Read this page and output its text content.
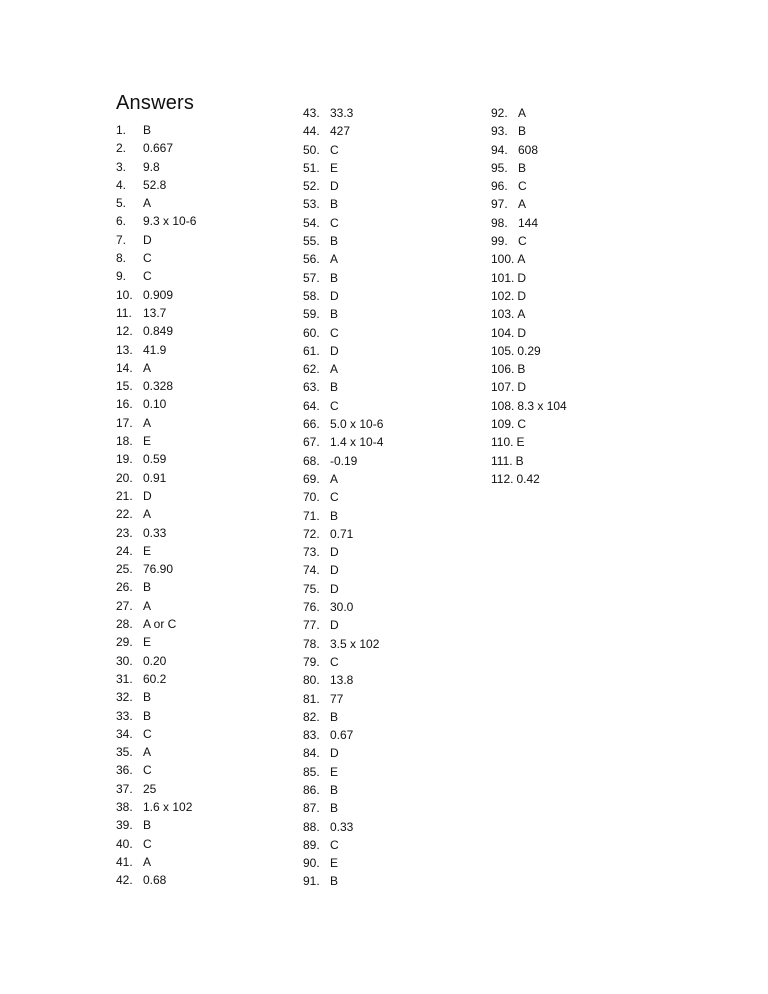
Answers
1. B
2. 0.667
3. 9.8
4. 52.8
5. A
6. 9.3 x 10-6
7. D
8. C
9. C
10. 0.909
11. 13.7
12. 0.849
13. 41.9
14. A
15. 0.328
16. 0.10
17. A
18. E
19. 0.59
20. 0.91
21. D
22. A
23. 0.33
24. E
25. 76.90
26. B
27. A
28. A or C
29. E
30. 0.20
31. 60.2
32. B
33. B
34. C
35. A
36. C
37. 25
38. 1.6 x 102
39. B
40. C
41. A
42. 0.68
43. 33.3
44. 427
50. C
51. E
52. D
53. B
54. C
55. B
56. A
57. B
58. D
59. B
60. C
61. D
62. A
63. B
64. C
66. 5.0 x 10-6
67. 1.4 x 10-4
68. -0.19
69. A
70. C
71. B
72. 0.71
73. D
74. D
75. D
76. 30.0
77. D
78. 3.5 x 102
79. C
80. 13.8
81. 77
82. B
83. 0.67
84. D
85. E
86. B
87. B
88. 0.33
89. C
90. E
91. B
92. A
93. B
94. 608
95. B
96. C
97. A
98. 144
99. C
100. A
101. D
102. D
103. A
104. D
105. 0.29
106. B
107. D
108. 8.3 x 104
109. C
110. E
111. B
112. 0.42
